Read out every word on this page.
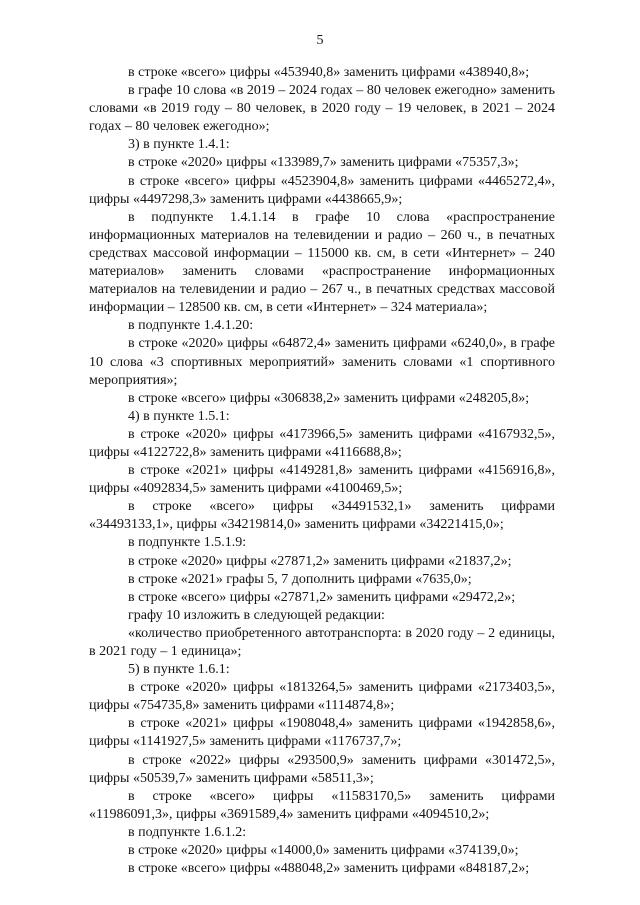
5

в строке «всего» цифры «453940,8» заменить цифрами «438940,8»;

в графе 10 слова «в 2019 – 2024 годах – 80 человек ежегодно» заменить словами «в 2019 году – 80 человек, в 2020 году – 19 человек, в 2021 – 2024 годах – 80 человек ежегодно»;

3) в пункте 1.4.1:

в строке «2020» цифры «133989,7» заменить цифрами «75357,3»;

в строке «всего» цифры «4523904,8» заменить цифрами «4465272,4», цифры «4497298,3» заменить цифрами «4438665,9»;

в подпункте 1.4.1.14 в графе 10 слова «распространение информационных материалов на телевидении и радио – 260 ч., в печатных средствах массовой информации – 115000 кв. см, в сети «Интернет» – 240 материалов» заменить словами «распространение информационных материалов на телевидении и радио – 267 ч., в печатных средствах массовой информации – 128500 кв. см, в сети «Интернет» – 324 материала»;

в подпункте 1.4.1.20:

в строке «2020» цифры «64872,4» заменить цифрами «6240,0», в графе 10 слова «3 спортивных мероприятий» заменить словами «1 спортивного мероприятия»;

в строке «всего» цифры «306838,2» заменить цифрами «248205,8»;

4) в пункте 1.5.1:

в строке «2020» цифры «4173966,5» заменить цифрами «4167932,5», цифры «4122722,8» заменить цифрами «4116688,8»;

в строке «2021» цифры «4149281,8» заменить цифрами «4156916,8», цифры «4092834,5» заменить цифрами «4100469,5»;

в строке «всего» цифры «34491532,1» заменить цифрами «34493133,1», цифры «34219814,0» заменить цифрами «34221415,0»;

в подпункте 1.5.1.9:

в строке «2020» цифры «27871,2» заменить цифрами «21837,2»;

в строке «2021» графы 5, 7 дополнить цифрами «7635,0»;

в строке «всего» цифры «27871,2» заменить цифрами «29472,2»;

графу 10 изложить в следующей редакции:

«количество приобретенного автотранспорта: в 2020 году – 2 единицы, в 2021 году – 1 единица»;

5) в пункте 1.6.1:

в строке «2020» цифры «1813264,5» заменить цифрами «2173403,5», цифры «754735,8» заменить цифрами «1114874,8»;

в строке «2021» цифры «1908048,4» заменить цифрами «1942858,6», цифры «1141927,5» заменить цифрами «1176737,7»;

в строке «2022» цифры «293500,9» заменить цифрами «301472,5», цифры «50539,7» заменить цифрами «58511,3»;

в строке «всего» цифры «11583170,5» заменить цифрами «11986091,3», цифры «3691589,4» заменить цифрами «4094510,2»;

в подпункте 1.6.1.2:

в строке «2020» цифры «14000,0» заменить цифрами «374139,0»;

в строке «всего» цифры «488048,2» заменить цифрами «848187,2»;
